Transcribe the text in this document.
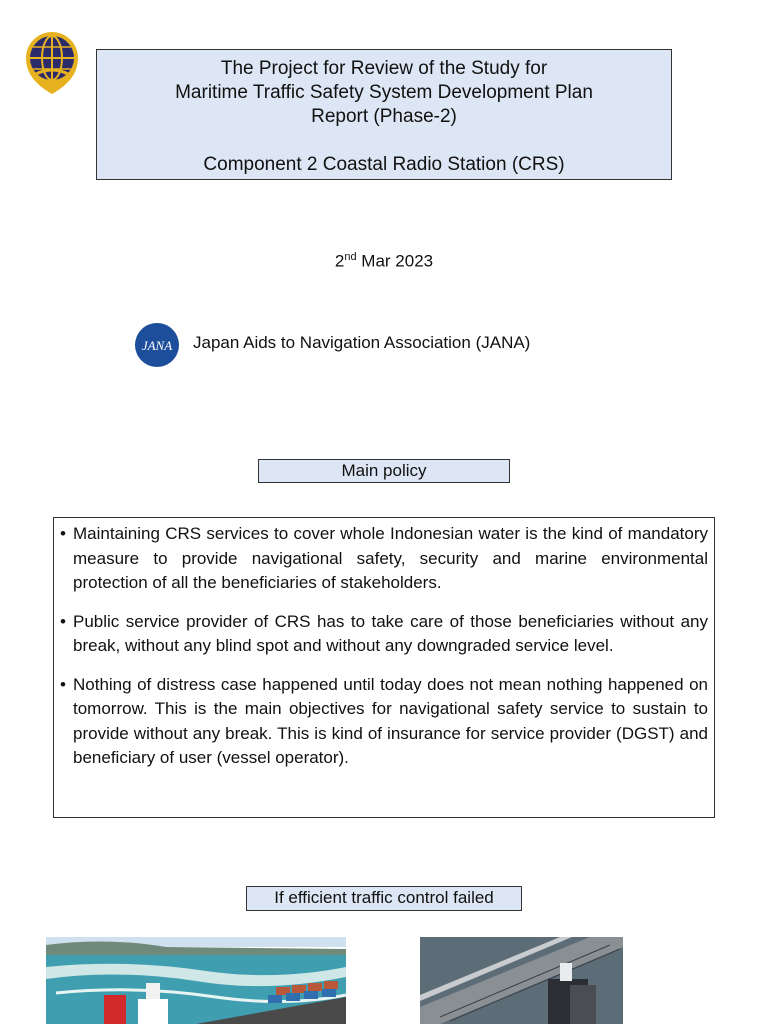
The Project for Review of the Study for
Maritime Traffic Safety System Development Plan
Report (Phase-2)
Component 2 Coastal Radio Station (CRS)
2nd Mar 2023
JANA Japan Aids to Navigation Association (JANA)
Main policy
• Maintaining CRS services to cover whole Indonesian water is the kind of mandatory measure to provide navigational safety, security and marine environmental protection of all the beneficiaries of stakeholders.
• Public service provider of CRS has to take care of those beneficiaries without any break, without any blind spot and without any downgraded service level.
• Nothing of distress case happened until today does not mean nothing happened on tomorrow. This is the main objectives for navigational safety service to sustain to provide without any break. This is kind of insurance for service provider (DGST) and beneficiary of user (vessel operator).
If efficient traffic control failed
